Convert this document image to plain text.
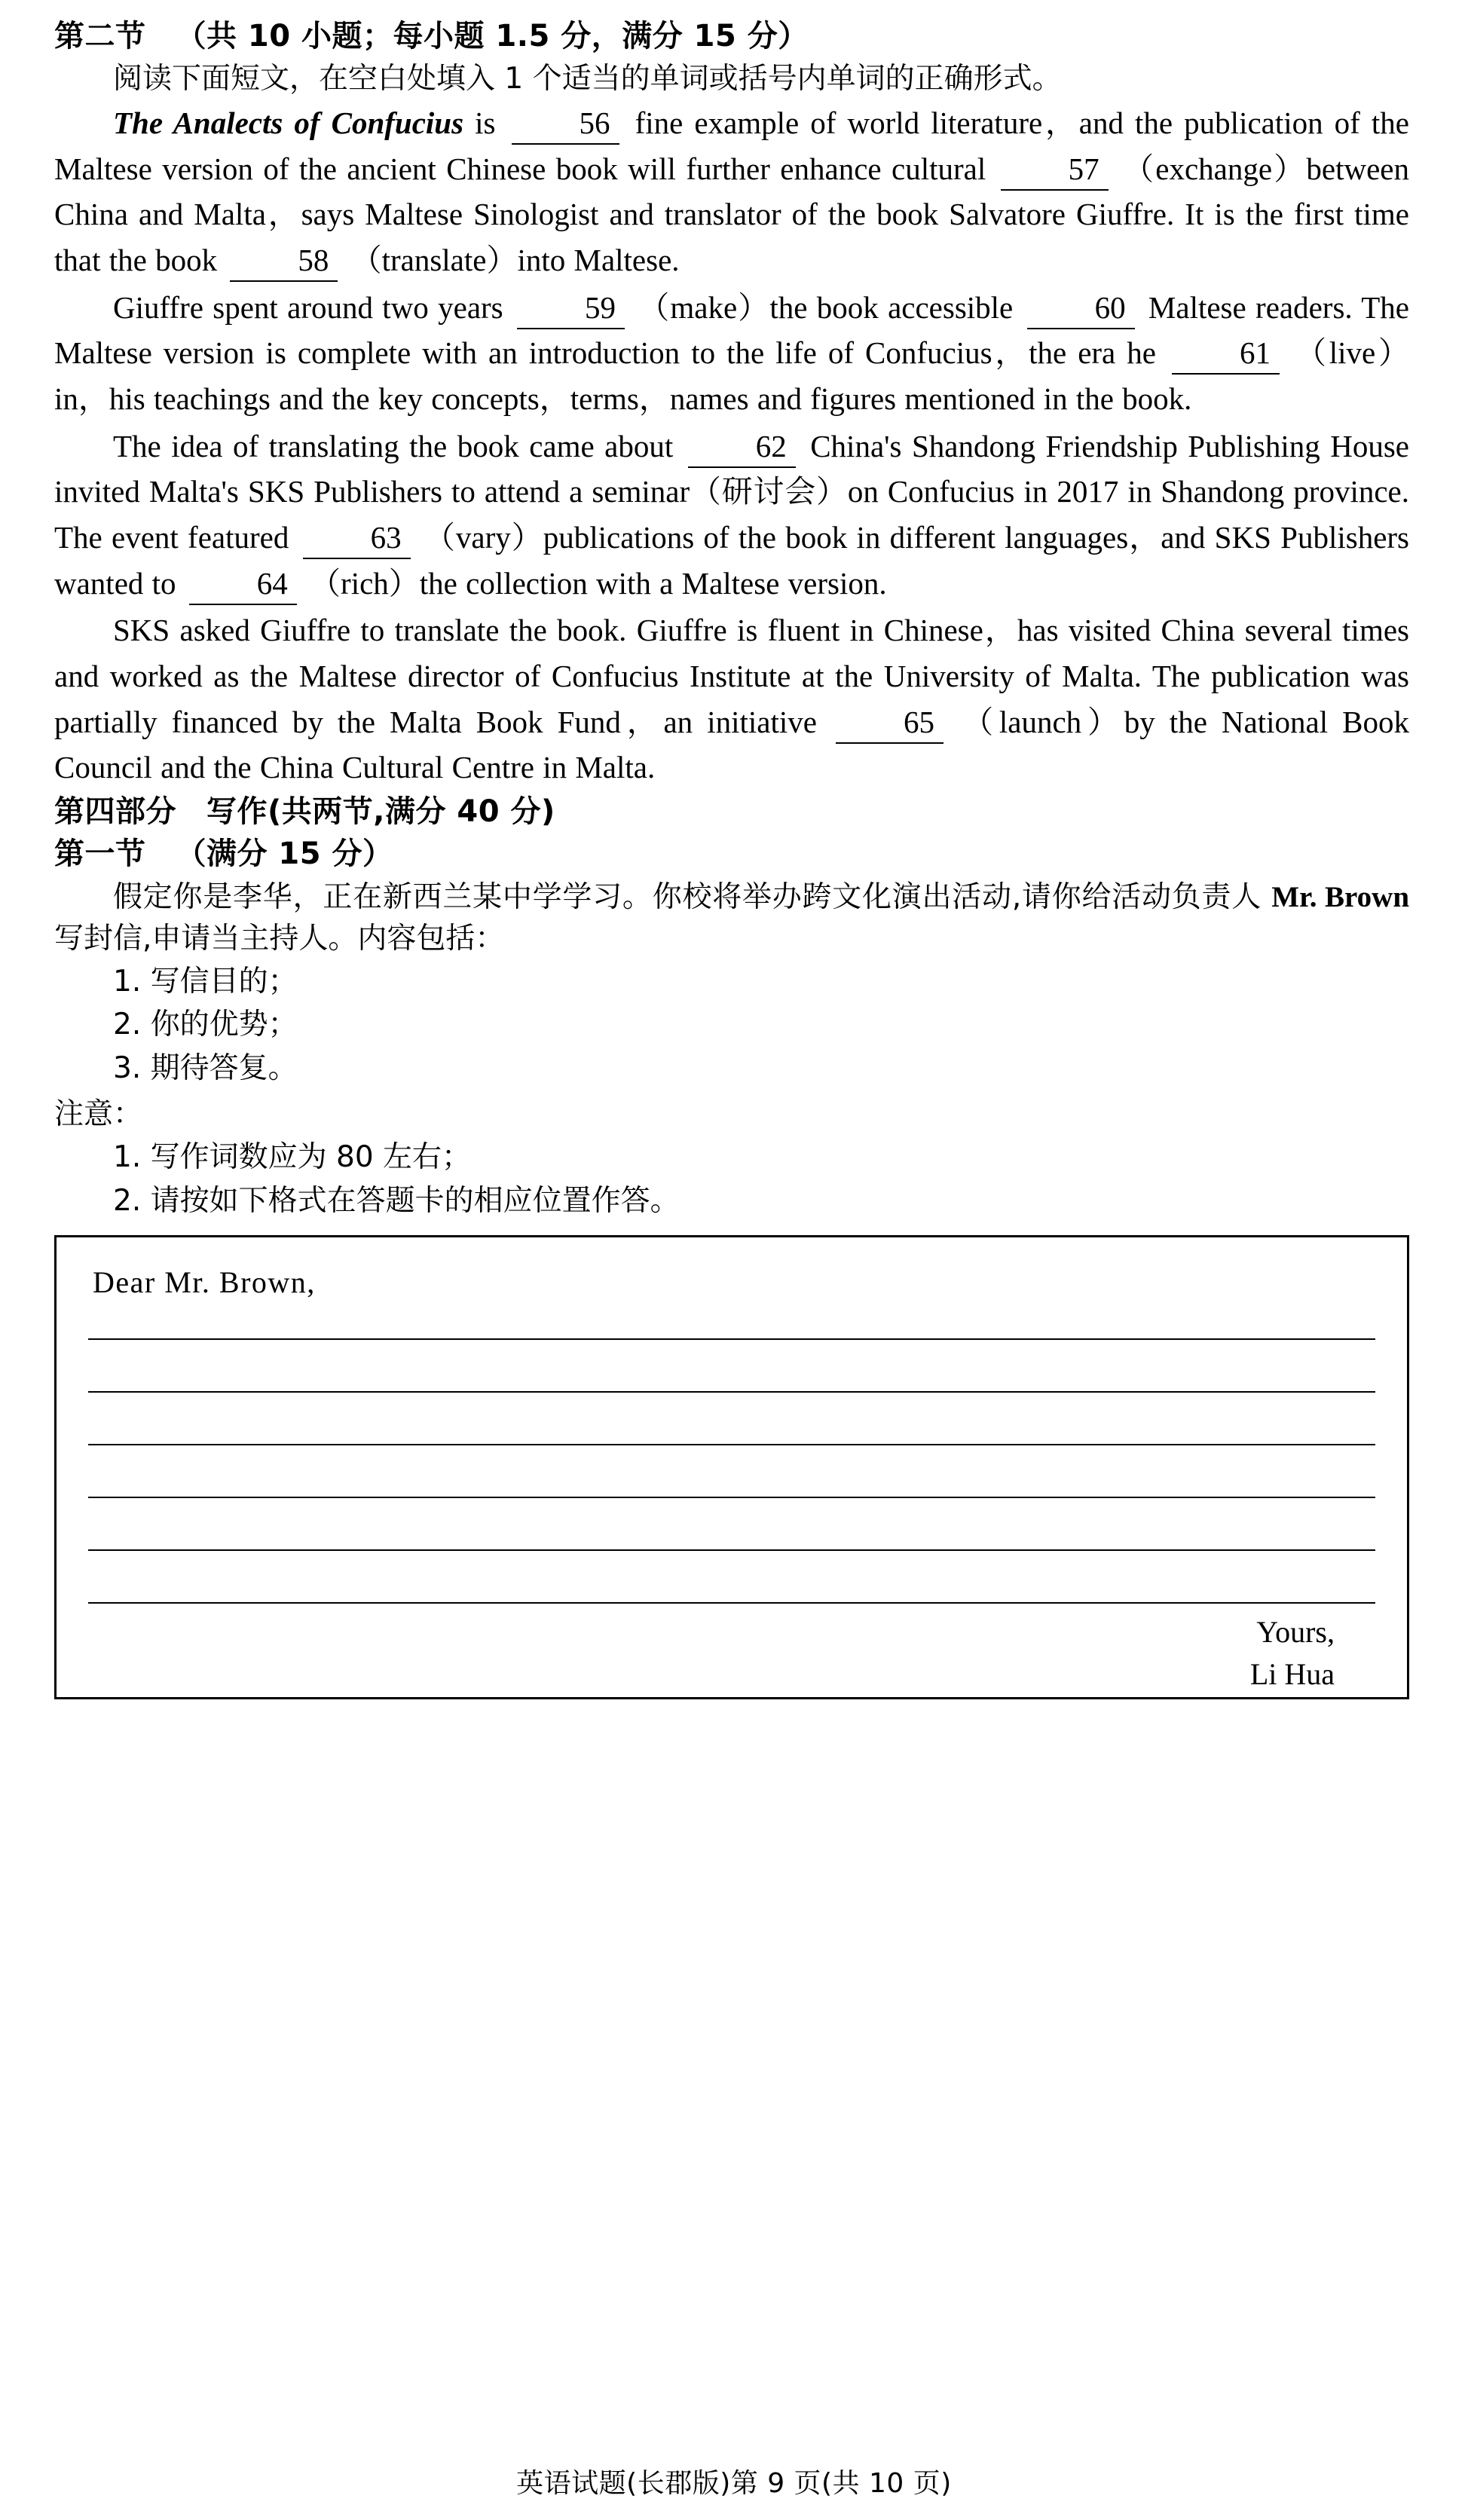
第二节 （共 10 小题；每小题 1.5 分，满分 15 分）
阅读下面短文，在空白处填入 1 个适当的单词或括号内单词的正确形式。

The Analects of Confucius is 56 fine example of world literature，and the publication of the Maltese version of the ancient Chinese book will further enhance cultural 57 （exchange）between China and Malta，says Maltese Sinologist and translator of the book Salvatore Giuffre. It is the first time that the book 58 （translate）into Maltese.

Giuffre spent around two years 59 （make）the book accessible 60 Maltese readers. The Maltese version is complete with an introduction to the life of Confucius，the era he 61 （live）in，his teachings and the key concepts，terms，names and figures mentioned in the book.

The idea of translating the book came about 62 China's Shandong Friendship Publishing House invited Malta's SKS Publishers to attend a seminar（研讨会）on Confucius in 2017 in Shandong province. The event featured 63 （vary）publications of the book in different languages，and SKS Publishers wanted to 64 （rich）the collection with a Maltese version.

SKS asked Giuffre to translate the book. Giuffre is fluent in Chinese，has visited China several times and worked as the Maltese director of Confucius Institute at the University of Malta. The publication was partially financed by the Malta Book Fund，an initiative 65 （launch）by the National Book Council and the China Cultural Centre in Malta.

第四部分 写作(共两节,满分 40 分)
第一节 （满分 15 分）

假定你是李华，正在新西兰某中学学习。你校将举办跨文化演出活动,请你给活动负责人 Mr. Brown 写封信,申请当主持人。内容包括：

1. 写信目的；
2. 你的优势；
3. 期待答复。
注意：
1. 写作词数应为 80 左右；
2. 请按如下格式在答题卡的相应位置作答。
Dear Mr. Brown,
Yours,
Li Hua
英语试题(长郡版)第 9 页(共 10 页)
